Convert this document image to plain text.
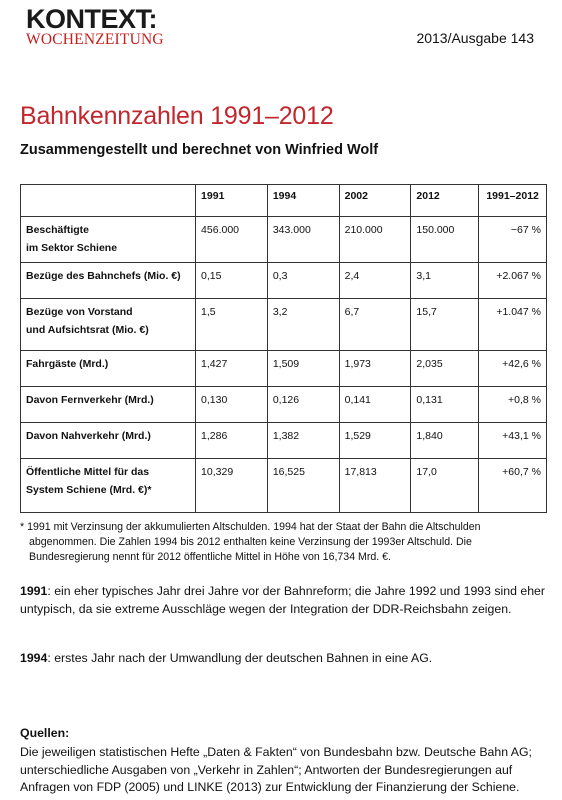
KONTEXT:
WOCHENZEITUNG	2013/Ausgabe 143
Bahnkennzahlen 1991–2012
Zusammengestellt und berechnet von Winfried Wolf
	1991	1994	2002	2012	1991–2012
Beschäftigte
im Sektor Schiene	456.000	343.000	210.000	150.000	−67 %
Bezüge des Bahnchefs (Mio. €)	0,15	0,3	2,4	3,1	+2.067 %
Bezüge von Vorstand
und Aufsichtsrat (Mio. €)	1,5	3,2	6,7	15,7	+1.047 %
Fahrgäste (Mrd.)	1,427	1,509	1,973	2,035	+42,6 %
Davon Fernverkehr (Mrd.)	0,130	0,126	0,141	0,131	+0,8 %
Davon Nahverkehr (Mrd.)	1,286	1,382	1,529	1,840	+43,1 %
Öffentliche Mittel für das
System Schiene (Mrd. €)*	10,329	16,525	17,813	17,0	+60,7 %

* 1991 mit Verzinsung der akkumulierten Altschulden. 1994 hat der Staat der Bahn die Altschulden

abgenommen. Die Zahlen 1994 bis 2012 enthalten keine Verzinsung der 1993er Altschuld. Die
Bundesregierung nennt für 2012 öffentliche Mittel in Höhe von 16,734 Mrd. €.

1991: ein eher typisches Jahr drei Jahre vor der Bahnreform; die Jahre 1992 und 1993 sind eher untypisch, da sie extreme Ausschläge wegen der Integration der DDR-Reichsbahn zeigen.

1994: erstes Jahr nach der Umwandlung der deutschen Bahnen in eine AG.

Quellen:

Die jeweiligen statistischen Hefte „Daten & Fakten“ von Bundesbahn bzw. Deutsche Bahn AG; unterschiedliche Ausgaben von „Verkehr in Zahlen“; Antworten der Bundesregierungen auf Anfragen von FDP (2005) und LINKE (2013) zur Entwicklung der Finanzierung der Schiene.
